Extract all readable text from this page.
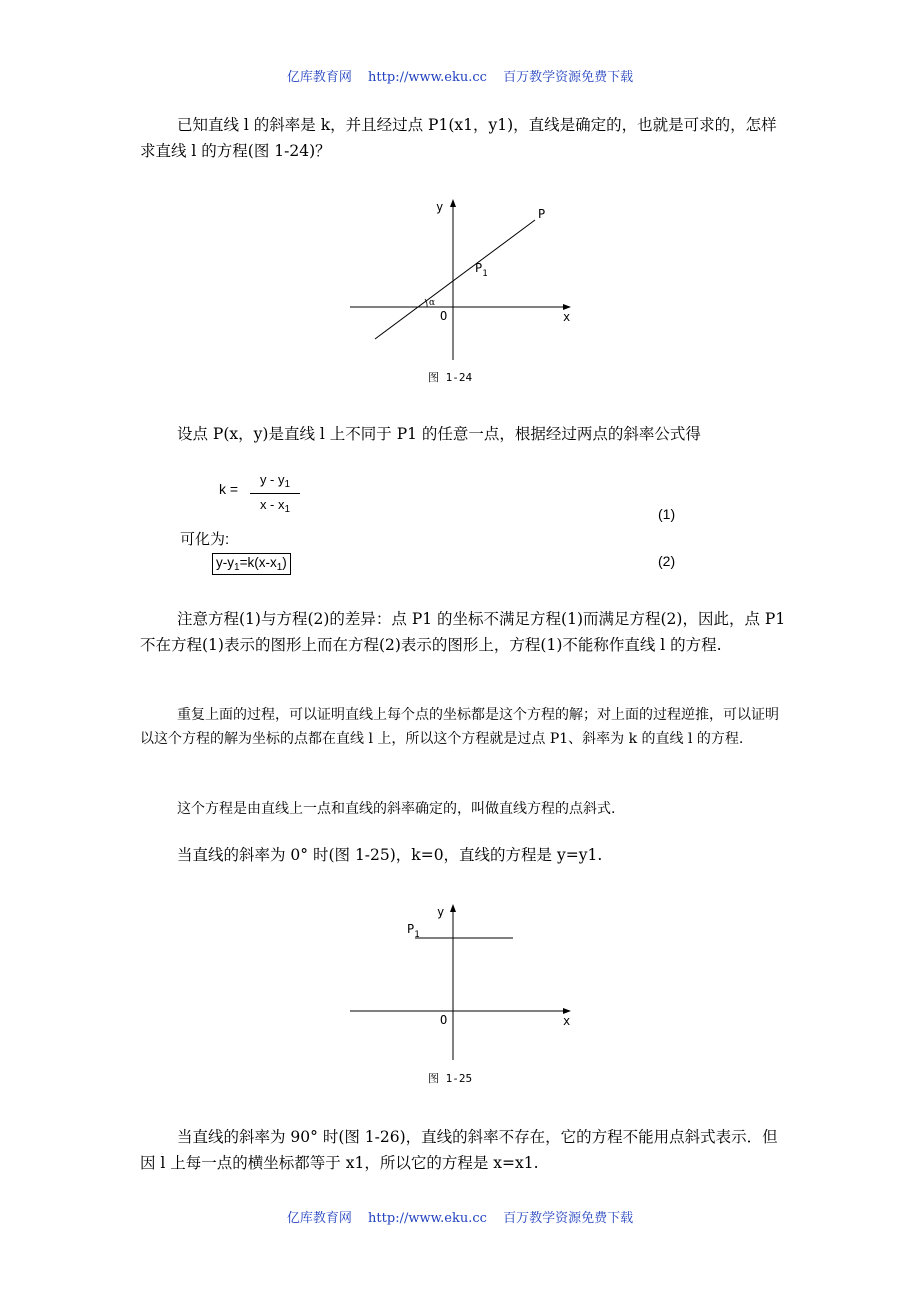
亿库教育网 http://www.eku.cc 百万教学资源免费下载
已知直线 l 的斜率是 k，并且经过点 P1(x1，y1)，直线是确定的，也就是可求的，怎样求直线 l 的方程(图 1-24)？
α
y
x
O
P
$P_1$
图 1-24
设点 P(x，y)是直线 l 上不同于 P1 的任意一点，根据经过两点的斜率公式得
k =
y - $y_1$
x - $x_1$	(1)
可化为:
$y-y_1=k(x-x_1)$	(2)
注意方程(1)与方程(2)的差异：点 P1 的坐标不满足方程(1)而满足方程(2)，因此，点 P1 不在方程(1)表示的图形上而在方程(2)表示的图形上，方程(1)不能称作直线 l 的方程.
重复上面的过程，可以证明直线上每个点的坐标都是这个方程的解；对上面的过程逆推，可以证明以这个方程的解为坐标的点都在直线 l 上，所以这个方程就是过点 P1、斜率为 k 的直线 l 的方程.
这个方程是由直线上一点和直线的斜率确定的，叫做直线方程的点斜式.
当直线的斜率为 0° 时(图 1-25)，k=0，直线的方程是 y=y1.
y
x
O
$P_1$
图 1-25
当直线的斜率为 90° 时(图 1-26)，直线的斜率不存在，它的方程不能用点斜式表示．但因 l 上每一点的横坐标都等于 x1，所以它的方程是 x=x1.
亿库教育网 http://www.eku.cc 百万教学资源免费下载
